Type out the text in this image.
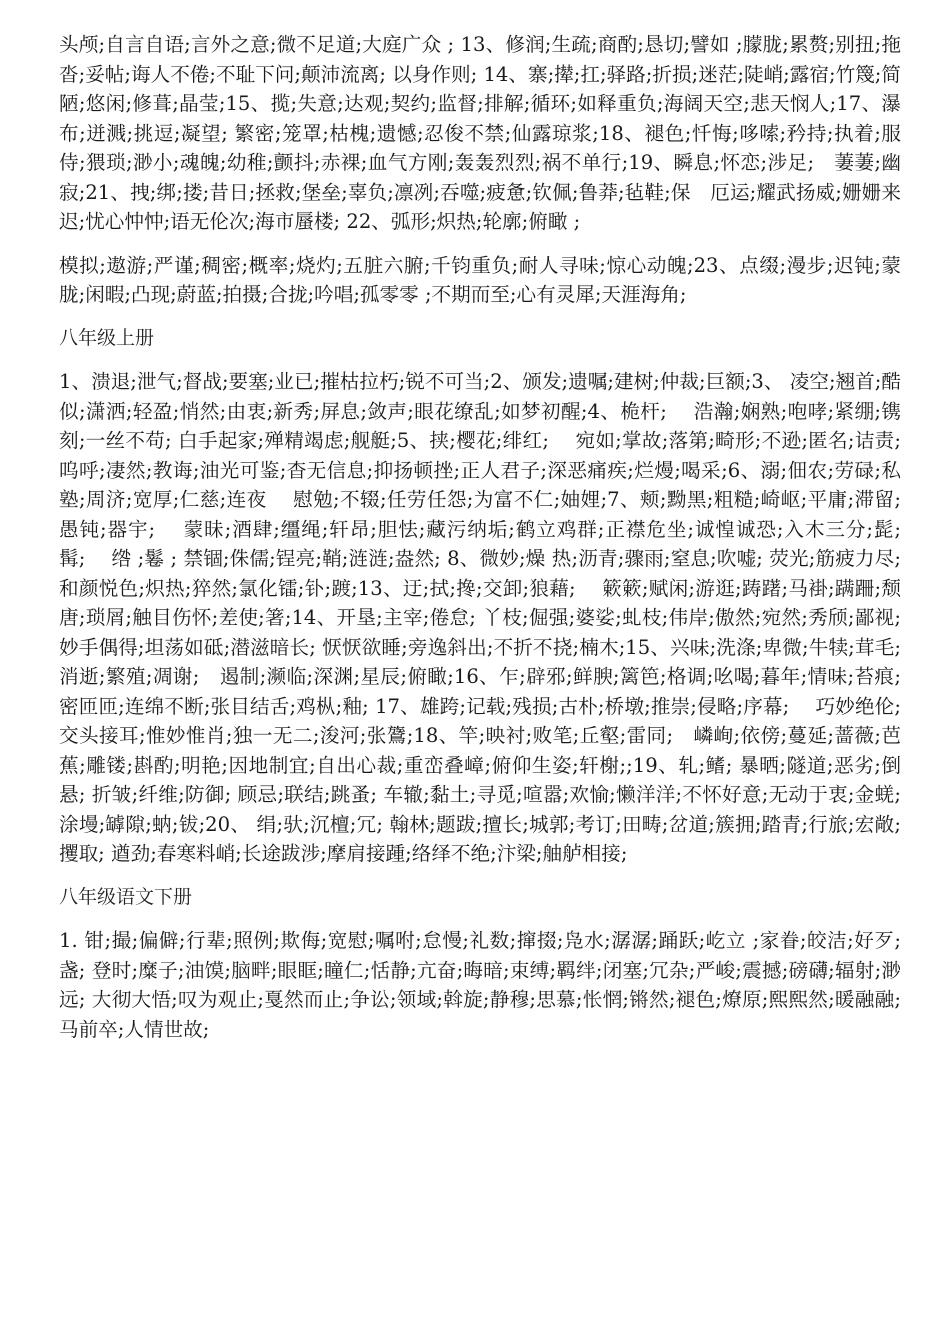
头颅;自言自语;言外之意;微不足道;大庭广众 ; 13、修润;生疏;商酌;恳切;譬如 ;朦胧;累赘;别扭;拖沓;妥帖;诲人不倦;不耻下问;颠沛流离; 以身作则; 14、寨;撵;扛;驿路;折损;迷茫;陡峭;露宿;竹篾;简陋;悠闲;修葺;晶莹;15、揽;失意;达观;契约;监督;排解;循环;如释重负;海阔天空;悲天悯人;17、瀑布;迸溅;挑逗;凝望; 繁密;笼罩;枯槐;遗憾;忍俊不禁;仙露琼浆;18、褪色;忏悔;哆嗦;矜持;执着;服侍;猥琐;渺小;魂魄;幼稚;颤抖;赤裸;血气方刚;轰轰烈烈;祸不单行;19、瞬息;怀恋;涉足;　萋萋;幽寂;21、拽;绑;搂;昔日;拯救;堡垒;辜负;凛冽;吞噬;疲惫;钦佩;鲁莽;毡鞋;保　厄运;耀武扬威;姗姗来迟;忧心忡忡;语无伦次;海市蜃楼; 22、弧形;炽热;轮廓;俯瞰 ;

模拟;遨游;严谨;稠密;概率;烧灼;五脏六腑;千钧重负;耐人寻味;惊心动魄;23、点缀;漫步;迟钝;蒙胧;闲暇;凸现;蔚蓝;拍摄;合拢;吟唱;孤零零 ;不期而至;心有灵犀;天涯海角;

八年级上册

1、溃退;泄气;督战;要塞;业已;摧枯拉朽;锐不可当;2、颁发;遗嘱;建树;仲裁;巨额;3、 凌空;翘首;酷似;潇洒;轻盈;悄然;由衷;新秀;屏息;敛声;眼花缭乱;如梦初醒;4、桅杆;　 浩瀚;娴熟;咆哮;紧绷;镌刻;一丝不苟; 白手起家;殚精竭虑;舰艇;5、挟;樱花;绯红;　 宛如;掌故;落第;畸形;不逊;匿名;诘责;呜呼;凄然;教诲;油光可鉴;杳无信息;抑扬顿挫;正人君子;深恶痛疾;烂熳;喝采;6、溺;佃农;劳碌;私塾;周济;宽厚;仁慈;连夜　 慰勉;不辍;任劳任怨;为富不仁;妯娌;7、颊;黝黑;粗糙;崎岖;平庸;滞留;愚钝;器宇;　 蒙昧;酒肆;缰绳;轩昂;胆怯;藏污纳垢;鹤立鸡群;正襟危坐;诚惶诚恐;入木三分;髭;　 髯;　 绺 ;鬈 ; 禁锢;侏儒;锃亮;鞘;涟涟;盎然; 8、微妙;燥 热;沥青;骤雨;窒息;吹嘘; 荧光;筋疲力尽;和颜悦色;炽热;猝然;氯化镭;钋;踱;13、迂;拭;搀;交卸;狼藉;　 簌簌;赋闲;游逛;踌躇;马褂;蹒跚;颓唐;琐屑;触目伤怀;差使;箸;14、开垦;主宰;倦怠; 丫枝;倔强;婆娑;虬枝;伟岸;傲然;宛然;秀颀;鄙视;妙手偶得;坦荡如砥;潜滋暗长; 恹恹欲睡;旁逸斜出;不折不挠;楠木;15、兴味;洗涤;卑微;牛犊;茸毛;消逝;繁殖;凋谢;　遏制;濒临;深渊;星辰;俯瞰;16、乍;辟邪;鲜腴;篱笆;格调;吆喝;暮年;情味;苔痕;密匝匝;连绵不断;张目结舌;鸡枞;釉; 17、雄跨;记载;残损;古朴;桥墩;推崇;侵略;序幕;　 巧妙绝伦;交头接耳;惟妙惟肖;独一无二;浚河;张鷟;18、竿;映衬;败笔;丘壑;雷同;　嶙峋;依傍;蔓延;蔷薇;芭蕉;雕镂;斟酌;明艳;因地制宜;自出心裁;重峦叠嶂;俯仰生姿;轩榭;;19、轧;鳍; 暴晒;隧道;恶劣;倒悬; 折皱;纤维;防御; 顾忌;联结;跳蚤; 车辙;黏土;寻觅;喧嚣;欢愉;懒洋洋;不怀好意;无动于衷;金蜣;涂墁;罅隙;蚋;钹;20、 绢;驮;沉檀;冗; 翰林;题跋;擅长;城郭;考订;田畴;岔道;簇拥;踏青;行旅;宏敞;攫取; 遒劲;春寒料峭;长途跋涉;摩肩接踵;络绎不绝;汴梁;舳舻相接;

八年级语文下册

1. 钳;撮;偏僻;行辈;照例;欺侮;宽慰;嘱咐;怠慢;礼数;撺掇;凫水;潺潺;踊跃;屹立 ;家眷;皎洁;好歹; 盏; 登时;糜子;油馍;脑畔;眼眶;瞳仁;恬静;亢奋;晦暗;束缚;羁绊;闭塞;冗杂;严峻;震撼;磅礴;辐射;渺远; 大彻大悟;叹为观止;戛然而止;争讼;领域;斡旋;静穆;思慕;怅惘;锵然;褪色;燎原;熙熙然;暖融融;马前卒;人情世故;
